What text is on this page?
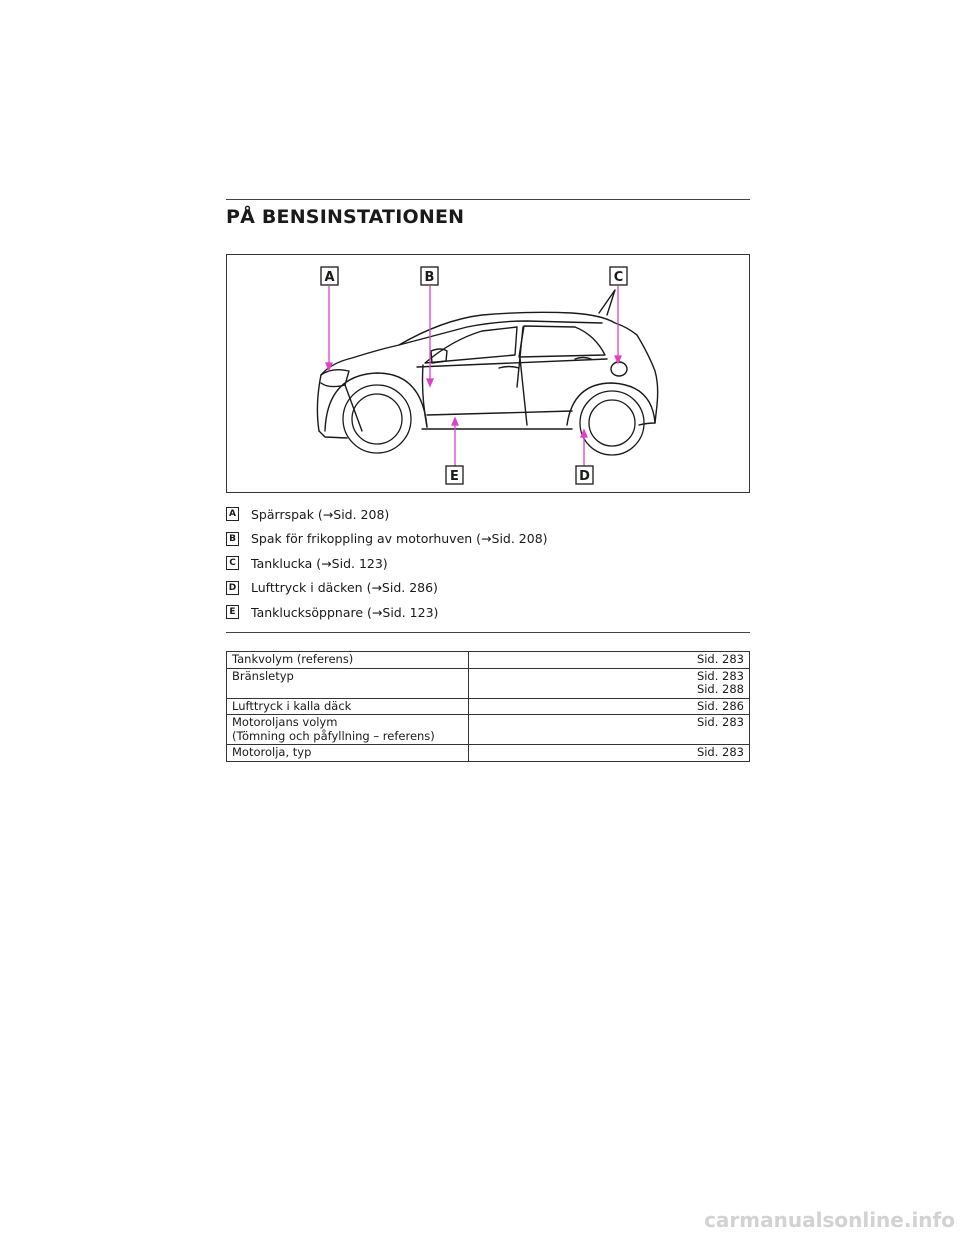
PÅ BENSINSTATIONEN
A	B	C
D
E
A Spärrspak (→Sid. 208)
B Spak för frikoppling av motorhuven (→Sid. 208)
C Tanklucka (→Sid. 123)
D Lufttryck i däcken (→Sid. 286)
E Tanklucksöppnare (→Sid. 123)
Tankvolym (referens)	Sid. 283
Bränsletyp	Sid. 283
Sid. 288
Lufttryck i kalla däck	Sid. 286
Motoroljans volym
(Tömning och påfyllning – referens)	Sid. 283
Motorolja, typ	Sid. 283
carmanualsonline.info
